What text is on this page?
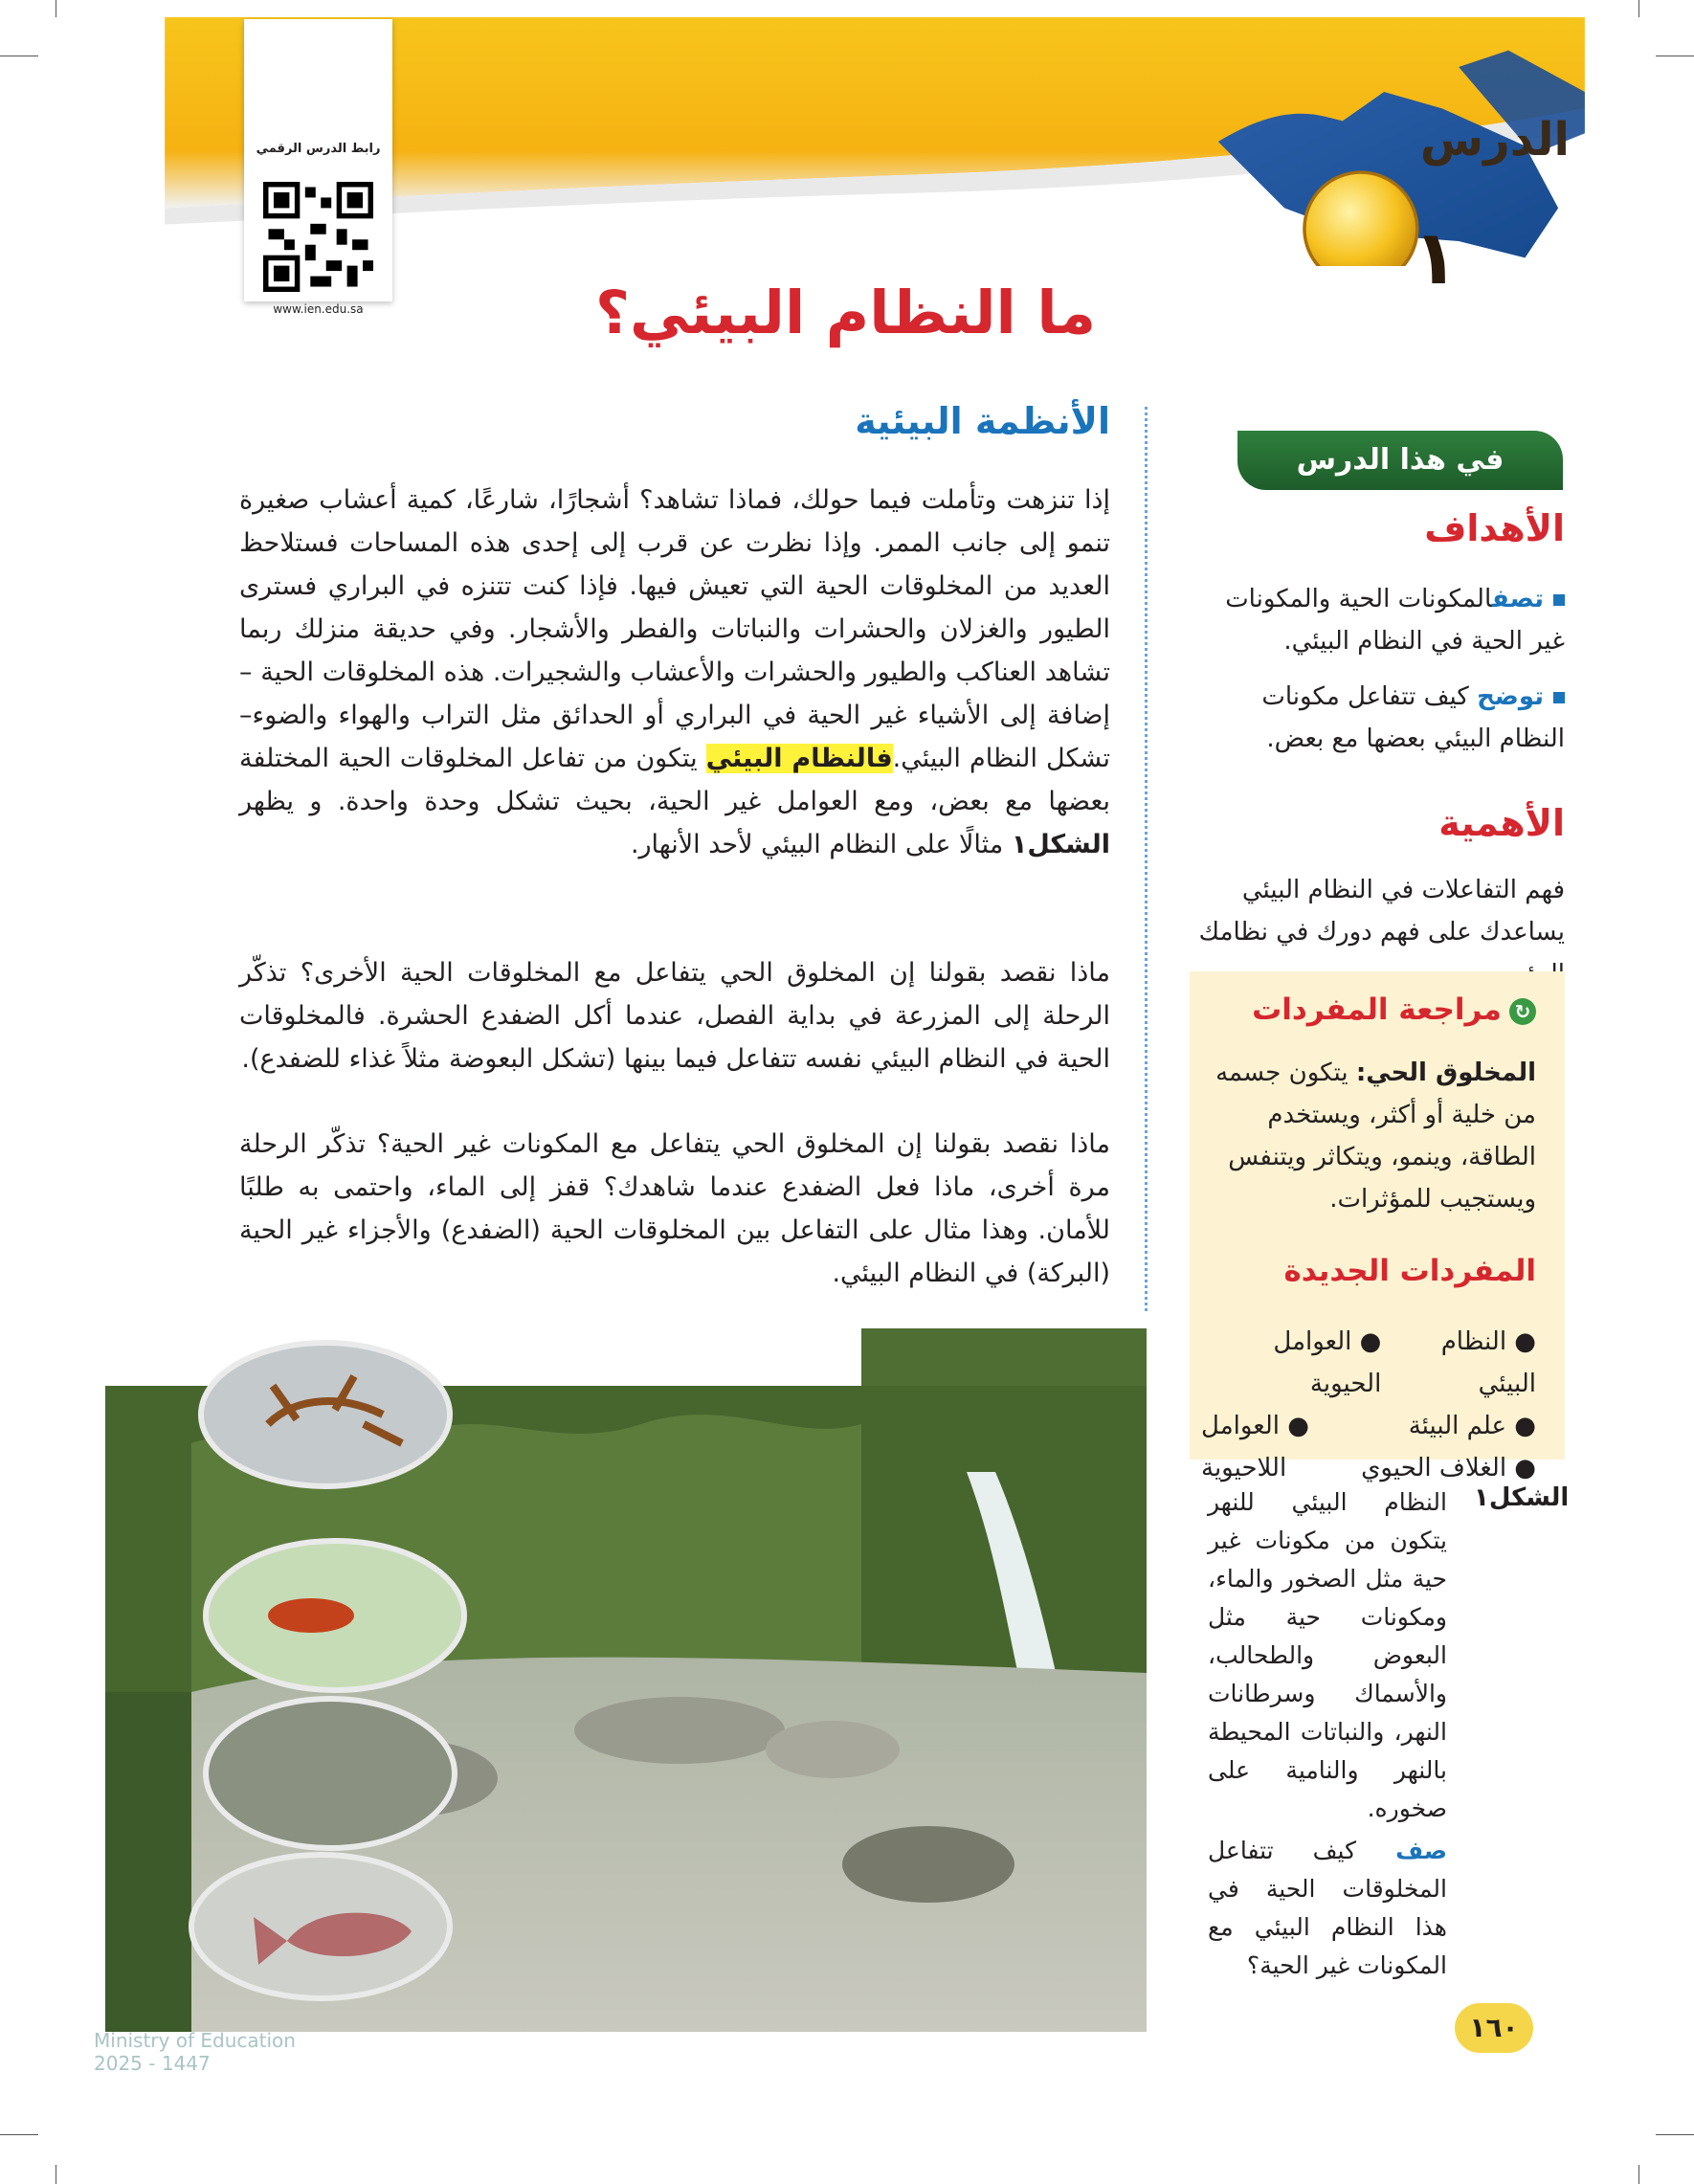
رابط الدرس الرقمي
www.ien.edu.sa
الدرس
١
ما النظام البيئي؟
في هذا الدرس
الأهداف
تصفالمكونات الحية والمكونات غير الحية في النظام البيئي.
توضح كيف تتفاعل مكونات النظام البيئي بعضها مع بعض.
الأهمية
فهم التفاعلات في النظام البيئي يساعدك على فهم دورك في نظامك
↻مراجعة المفردات
المخلوق الحي: يتكون جسمه من خلية أو أكثر، ويستخدم الطاقة، وينمو، ويتكاثر ويتنفس ويستجيب للمؤثرات.
المفردات الجديدة
● النظام البيئي
● العوامل الحيوية
● علم البيئة
● العوامل
● الغلاف الحيوي
اللاحيوية
الأنظمة البيئية
إذا تنزهت وتأملت فيما حولك، فماذا تشاهد؟ أشجارًا، شارعًا، كمية أعشاب صغيرة تنمو إلى جانب الممر. وإذا نظرت عن قرب إلى إحدى هذه المساحات فستلاحظ العديد من المخلوقات الحية التي تعيش فيها. فإذا كنت تتنزه في البراري فسترى الطيور والغزلان والحشرات والنباتات والفطر والأشجار. وفي حديقة منزلك ربما تشاهد العناكب والطيور والحشرات والأعشاب والشجيرات. هذه المخلوقات الحية – إضافة إلى الأشياء غير الحية في البراري أو الحدائق مثل التراب والهواء والضوء– تشكل النظام البيئي.فالنظام البيئي يتكون من تفاعل المخلوقات الحية المختلفة بعضها مع بعض، ومع العوامل غير الحية، بحيث تشكل وحدة واحدة. و يظهر الشكل١ مثالًا على النظام البيئي لأحد الأنهار.
ماذا نقصد بقولنا إن المخلوق الحي يتفاعل مع المخلوقات الحية الأخرى؟ تذكّر الرحلة إلى المزرعة في بداية الفصل، عندما أكل الضفدع الحشرة. فالمخلوقات الحية في النظام البيئي نفسه تتفاعل فيما بينها (تشكل البعوضة مثلاً غذاء للضفدع).
ماذا نقصد بقولنا إن المخلوق الحي يتفاعل مع المكونات غير الحية؟ تذكّر الرحلة مرة أخرى، ماذا فعل الضفدع عندما شاهدك؟ قفز إلى الماء، واحتمى به طلبًا للأمان. وهذا مثال على التفاعل بين المخلوقات الحية (الضفدع) والأجزاء غير الحية (البركة) في النظام البيئي.
الشكل١
النظام البيئي للنهر يتكون من مكونات غير حية مثل الصخور والماء، ومكونات حية مثل البعوض والطحالب، والأسماك وسرطانات النهر، والنباتات المحيطة بالنهر والنامية على صخوره.
صف كيف تتفاعل المخلوقات الحية في هذا النظام البيئي مع المكونات غير الحية؟
١٦٠
Ministry of Education
2025 - 1447
